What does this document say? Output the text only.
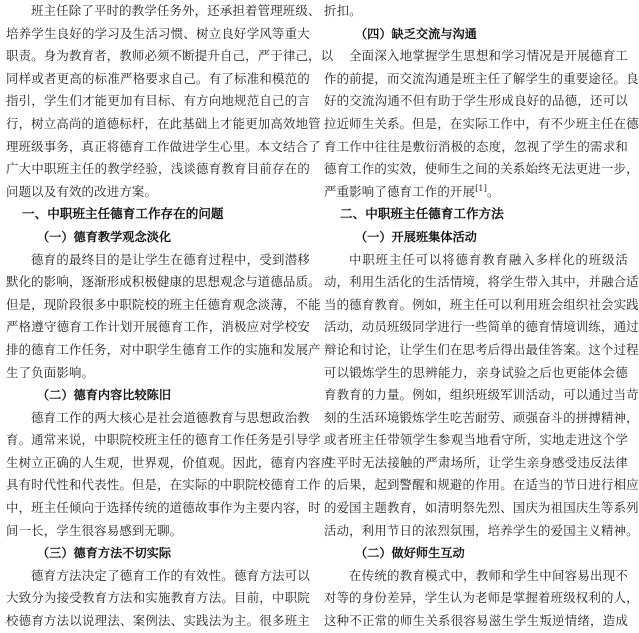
班主任除了平时的教学任务外，还承担着管理班级、
培养学生良好的学习及生活习惯、树立良好学风等重大
职责。身为教育者，教师必须不断提升自己，严于律己，以
同样或者更高的标准严格要求自己。有了标准和模范的
指引，学生们才能更加有目标、有方向地规范自己的言
行，树立高尚的道德标杆，在此基础上才能更加高效地管
理班级事务，真正将德育工作做进学生心里。本文结合了
广大中职班主任的教学经验，浅谈德育教育目前存在的
问题以及有效的改进方案。
一、中职班主任德育工作存在的问题
（一）德育教学观念淡化
德育的最终目的是让学生在德育过程中，受到潜移
默化的影响，逐渐形成积极健康的思想观念与道德品质。
但是，现阶段很多中职院校的班主任德育观念淡薄，不能
严格遵守德育工作计划开展德育工作，消极应对学校安
排的德育工作任务，对中职学生德育工作的实施和发展产
生了负面影响。
（二）德育内容比较陈旧
德育工作的两大核心是社会道德教育与思想政治教
育。通常来说，中职院校班主任的德育工作任务是引导学
生树立正确的人生观，世界观，价值观。因此，德育内容应
具有时代性和代表性。但是，在实际的中职院校德育工作
中，班主任倾向于选择传统的道德故事作为主要内容，时
间一长，学生很容易感到无聊。
（三）德育方法不切实际
德育方法决定了德育工作的有效性。德育方法可以
大致分为接受教育方法和实施教育方法。目前，中职院
校德育方法以说理法、案例法、实践法为主。很多班主
折扣。
（四）缺乏交流与沟通
全面深入地掌握学生思想和学习情况是开展德育工
作的前提，而交流沟通是班主任了解学生的重要途径。良
好的交流沟通不但有助于学生形成良好的品德，还可以
拉近师生关系。但是，在实际工作中，有不少班主任在德
育工作中往往是敷衍消极的态度，忽视了学生的需求和
德育工作的实效，使师生之间的关系始终无法更进一步，
严重影响了德育工作的开展[1]。
二、中职班主任德育工作方法
（一）开展班集体活动
中职班主任可以将德育教育融入多样化的班级活
动，利用生活化的生活情境，将学生带入其中，并融合适
当的德育教育。例如，班主任可以利用班会组织社会实践
活动，动员班级同学进行一些简单的德育情境训练，通过
辩论和讨论，让学生们在思考后得出最佳答案。这个过程
可以锻炼学生的思辨能力，亲身试验之后也更能体会德
育教育的力量。例如，组织班级军训活动，可以通过当苛
刻的生活环境锻炼学生吃苦耐劳、顽强奋斗的拼搏精神，
或者班主任带领学生参观当地看守所，实地走进这个学
生平时无法接触的严肃场所，让学生亲身感受违反法律
的后果，起到警醒和规避的作用。在适当的节日进行相应
的爱国主题教育，如清明祭先烈、国庆为祖国庆生等系列
活动，利用节日的浓烈氛围，培养学生的爱国主义精神。
（二）做好师生互动
在传统的教育模式中，教师和学生中间容易出现不
对等的身份差异，学生认为老师是掌握着班级权利的人，
这种不正常的师生关系很容易滋生学生叛逆情绪，造成
